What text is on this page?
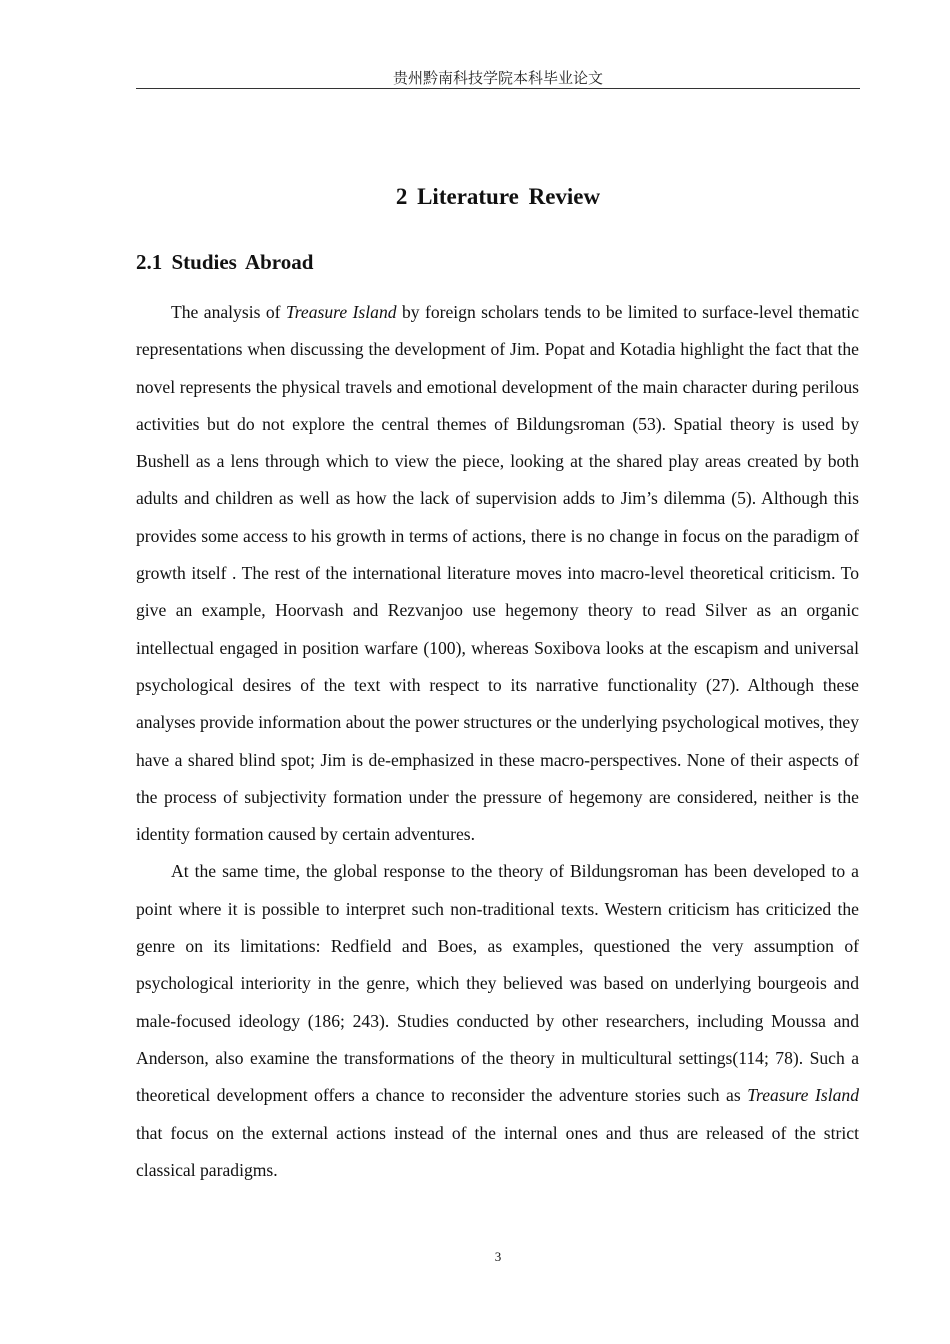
贵州黔南科技学院本科毕业论文
2 Literature Review
2.1 Studies Abroad

The analysis of Treasure Island by foreign scholars tends to be limited to surface-level thematic representations when discussing the development of Jim. Popat and Kotadia highlight the fact that the novel represents the physical travels and emotional development of the main character during perilous activities but do not explore the central themes of Bildungsroman (53). Spatial theory is used by Bushell as a lens through which to view the piece, looking at the shared play areas created by both adults and children as well as how the lack of supervision adds to Jim’s dilemma (5). Although this provides some access to his growth in terms of actions, there is no change in focus on the paradigm of growth itself . The rest of the international literature moves into macro-level theoretical criticism. To give an example, Hoorvash and Rezvanjoo use hegemony theory to read Silver as an organic intellectual engaged in position warfare (100), whereas Soxibova looks at the escapism and universal psychological desires of the text with respect to its narrative functionality (27). Although these analyses provide information about the power structures or the underlying psychological motives, they have a shared blind spot; Jim is de-emphasized in these macro-perspectives. None of their aspects of the process of subjectivity formation under the pressure of hegemony are considered, neither is the identity formation caused by certain adventures.

At the same time, the global response to the theory of Bildungsroman has been developed to a point where it is possible to interpret such non-traditional texts. Western criticism has criticized the genre on its limitations: Redfield and Boes, as examples, questioned the very assumption of psychological interiority in the genre, which they believed was based on underlying bourgeois and male-focused ideology (186; 243). Studies conducted by other researchers, including Moussa and Anderson, also examine the transformations of the theory in multicultural settings(114; 78). Such a theoretical development offers a chance to reconsider the adventure stories such as Treasure Island that focus on the external actions instead of the internal ones and thus are released of the strict classical paradigms.

3
